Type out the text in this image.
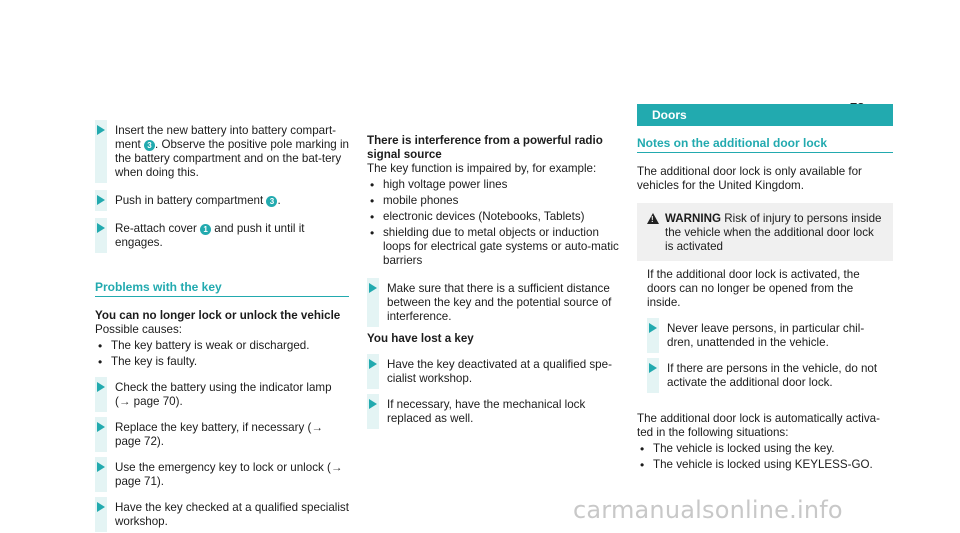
Insert the new battery into battery compart-ment 3 . Observe the positive pole marking in the battery compartment and on the bat-tery when doing this.

Push in battery compartment 3 .

Re-attach cover 1 and push it until it engages.

Problems with the key
You can no longer lock or unlock the vehicle
Possible causes:
• The key battery is weak or discharged.
• The key is faulty.

Check the battery using the indicator lamp (→ page 70).

Replace the key battery, if necessary (→ page 72).

Use the emergency key to lock or unlock (→ page 71).

Have the key checked at a qualified specialist workshop.

There is interference from a powerful radio signal source
The key function is impaired by, for example:
• high voltage power lines
• mobile phones
• electronic devices (Notebooks, Tablets)
• shielding due to metal objects or induction loops for electrical gate systems or auto-matic barriers

Make sure that there is a sufficient distance between the key and the potential source of interference.

You have lost a key

Have the key deactivated at a qualified spe-cialist workshop.

If necessary, have the mechanical lock replaced as well.

Doors
Notes on the additional door lock
The additional door lock is only available for vehicles for the United Kingdom.
! WARNING Risk of injury to persons inside the vehicle when the additional door lock is activated
If the additional door lock is activated, the doors can no longer be opened from the inside.

Never leave persons, in particular chil-dren, unattended in the vehicle.

If there are persons in the vehicle, do not activate the additional door lock.

The additional door lock is automatically activa-ted in the following situations:
• The vehicle is locked using the key.
• The vehicle is locked using KEYLESS-GO.
carmanualsonline.info
